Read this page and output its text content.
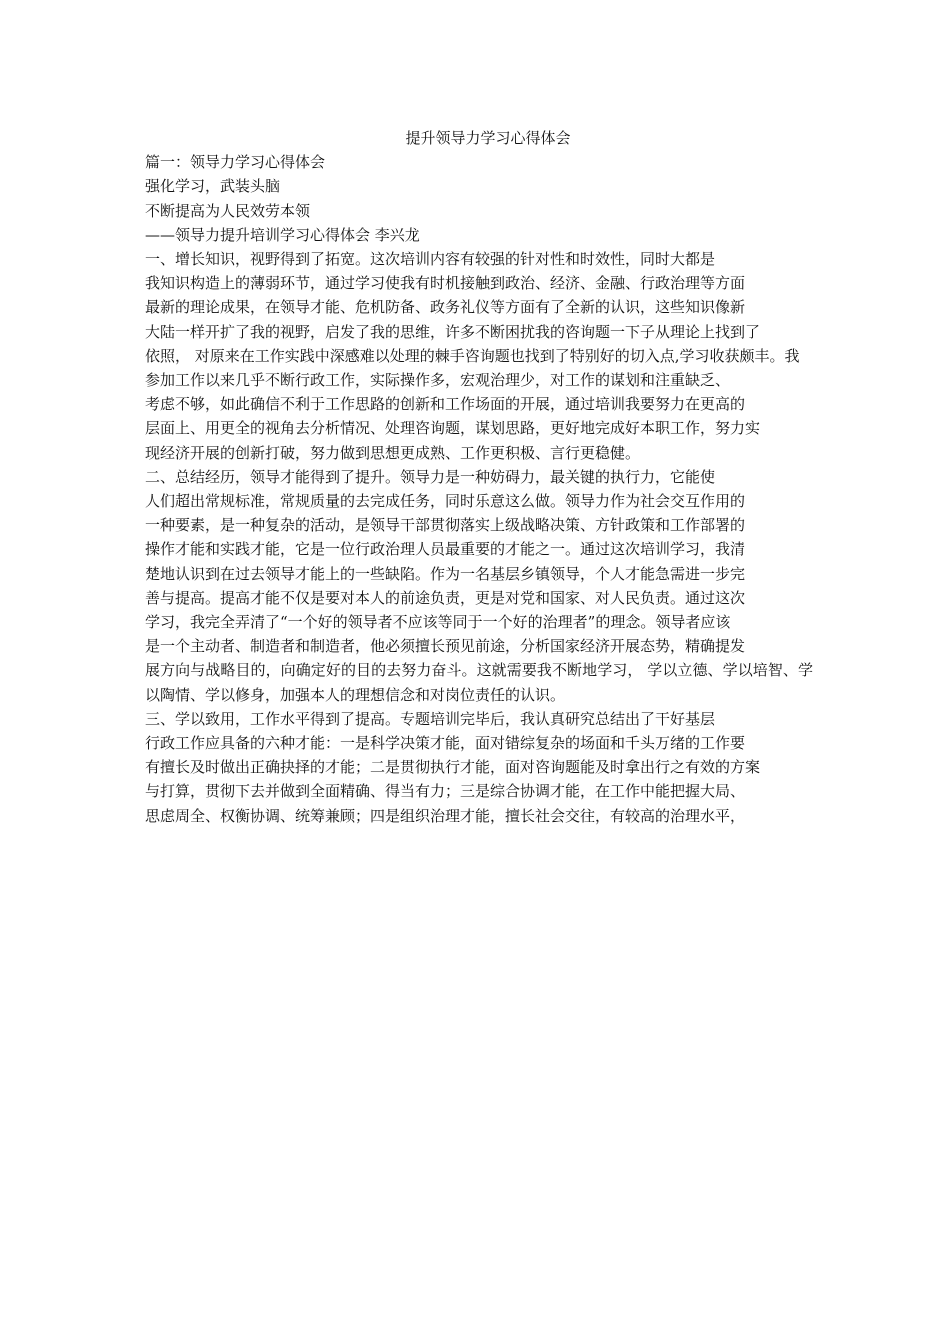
提升领导力学习心得体会

篇一：领导力学习心得体会

强化学习，武装头脑

不断提高为人民效劳本领

——领导力提升培训学习心得体会 李兴龙

一、增长知识，视野得到了拓宽。这次培训内容有较强的针对性和时效性，同时大都是

我知识构造上的薄弱环节，通过学习使我有时机接触到政治、经济、金融、行政治理等方面

最新的理论成果，在领导才能、危机防备、政务礼仪等方面有了全新的认识，这些知识像新

大陆一样开扩了我的视野，启发了我的思维，许多不断困扰我的咨询题一下子从理论上找到了

依照， 对原来在工作实践中深感难以处理的棘手咨询题也找到了特别好的切入点,学习收获颇丰。我

参加工作以来几乎不断行政工作，实际操作多，宏观治理少，对工作的谋划和注重缺乏、

考虑不够，如此确信不利于工作思路的创新和工作场面的开展，通过培训我要努力在更高的

层面上、用更全的视角去分析情况、处理咨询题，谋划思路，更好地完成好本职工作，努力实

现经济开展的创新打破，努力做到思想更成熟、工作更积极、言行更稳健。

二、总结经历，领导才能得到了提升。领导力是一种妨碍力，最关键的执行力，它能使

人们超出常规标准，常规质量的去完成任务，同时乐意这么做。领导力作为社会交互作用的

一种要素，是一种复杂的活动，是领导干部贯彻落实上级战略决策、方针政策和工作部署的

操作才能和实践才能，它是一位行政治理人员最重要的才能之一。通过这次培训学习，我清

楚地认识到在过去领导才能上的一些缺陷。作为一名基层乡镇领导，个人才能急需进一步完

善与提高。提高才能不仅是要对本人的前途负责，更是对党和国家、对人民负责。通过这次

学习，我完全弄清了“一个好的领导者不应该等同于一个好的治理者”的理念。领导者应该

是一个主动者、制造者和制造者，他必须擅长预见前途，分析国家经济开展态势，精确提发

展方向与战略目的，向确定好的目的去努力奋斗。这就需要我不断地学习， 学以立德、学以培智、学以陶情、学以修身，加强本人的理想信念和对岗位责任的认识。

三、学以致用，工作水平得到了提高。专题培训完毕后，我认真研究总结出了干好基层

行政工作应具备的六种才能：一是科学决策才能，面对错综复杂的场面和千头万绪的工作要

有擅长及时做出正确抉择的才能；二是贯彻执行才能，面对咨询题能及时拿出行之有效的方案

与打算，贯彻下去并做到全面精确、得当有力；三是综合协调才能，在工作中能把握大局、

思虑周全、权衡协调、统筹兼顾；四是组织治理才能，擅长社会交往，有较高的治理水平，
